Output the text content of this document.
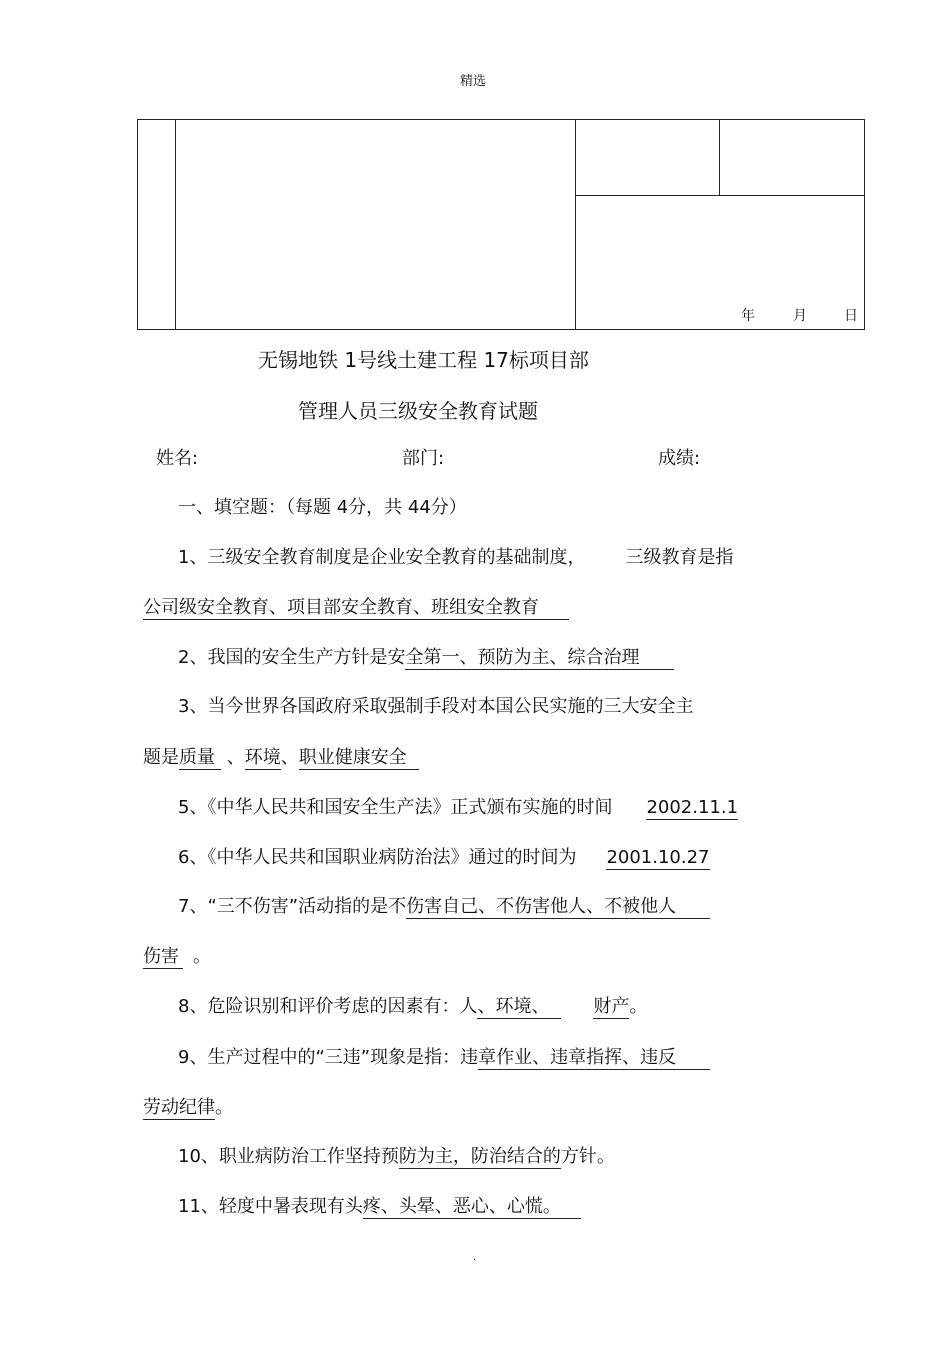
精选
年	月	日
无锡地铁 1号线土建工程 17标项目部
管理人员三级安全教育试题
姓名:	部门:	成绩:
一、填空题：（每题 4分，共 44分）
1、三级安全教育制度是企业安全教育的基础制度， 三级教育是指
公司级安全教育、项目部安全教育、班组安全教育
2、我国的安全生产方针是安全第一、预防为主、综合治理
3、当今世界各国政府采取强制手段对本国公民实施的三大安全主
题是质量 、环境、职业健康安全
5、《中华人民共和国安全生产法》正式颁布实施的时间 2002.11.1
6、《中华人民共和国职业病防治法》通过的时间为 2001.10.27
7、“三不伤害”活动指的是不伤害自己、不伤害他人、不被他人
伤害 。
8、危险识别和评价考虑的因素有：人、环境、 财产。
9、生产过程中的“三违”现象是指：违章作业、违章指挥、违反
劳动纪律。
10、职业病防治工作坚持预防为主，防治结合的方针。
11、轻度中暑表现有头疼、头晕、恶心、心慌。
.
